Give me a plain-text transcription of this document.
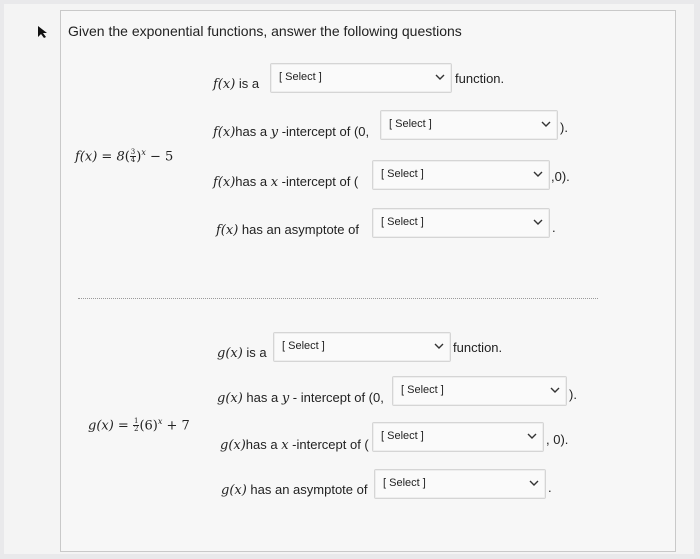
Given the exponential functions, answer the following questions
$f(x) = 8( \frac{3}{4} )^x - 5$
f(x) is a [ Select ]	function.
f(x)has a y -intercept of (0, [ Select ]	).
f(x)has a x -intercept of ( [ Select ]	,0).
f(x) has an asymptote of [ Select ]	.
$g(x) = \frac{1}{2} (6)^x + 7$
g(x) is a [ Select ]	function.
g(x) has a y - intercept of (0, [ Select ]	).
g(x)has a x -intercept of (
[ Select ]	, 0).
g(x) has an asymptote of [ Select ]	.
